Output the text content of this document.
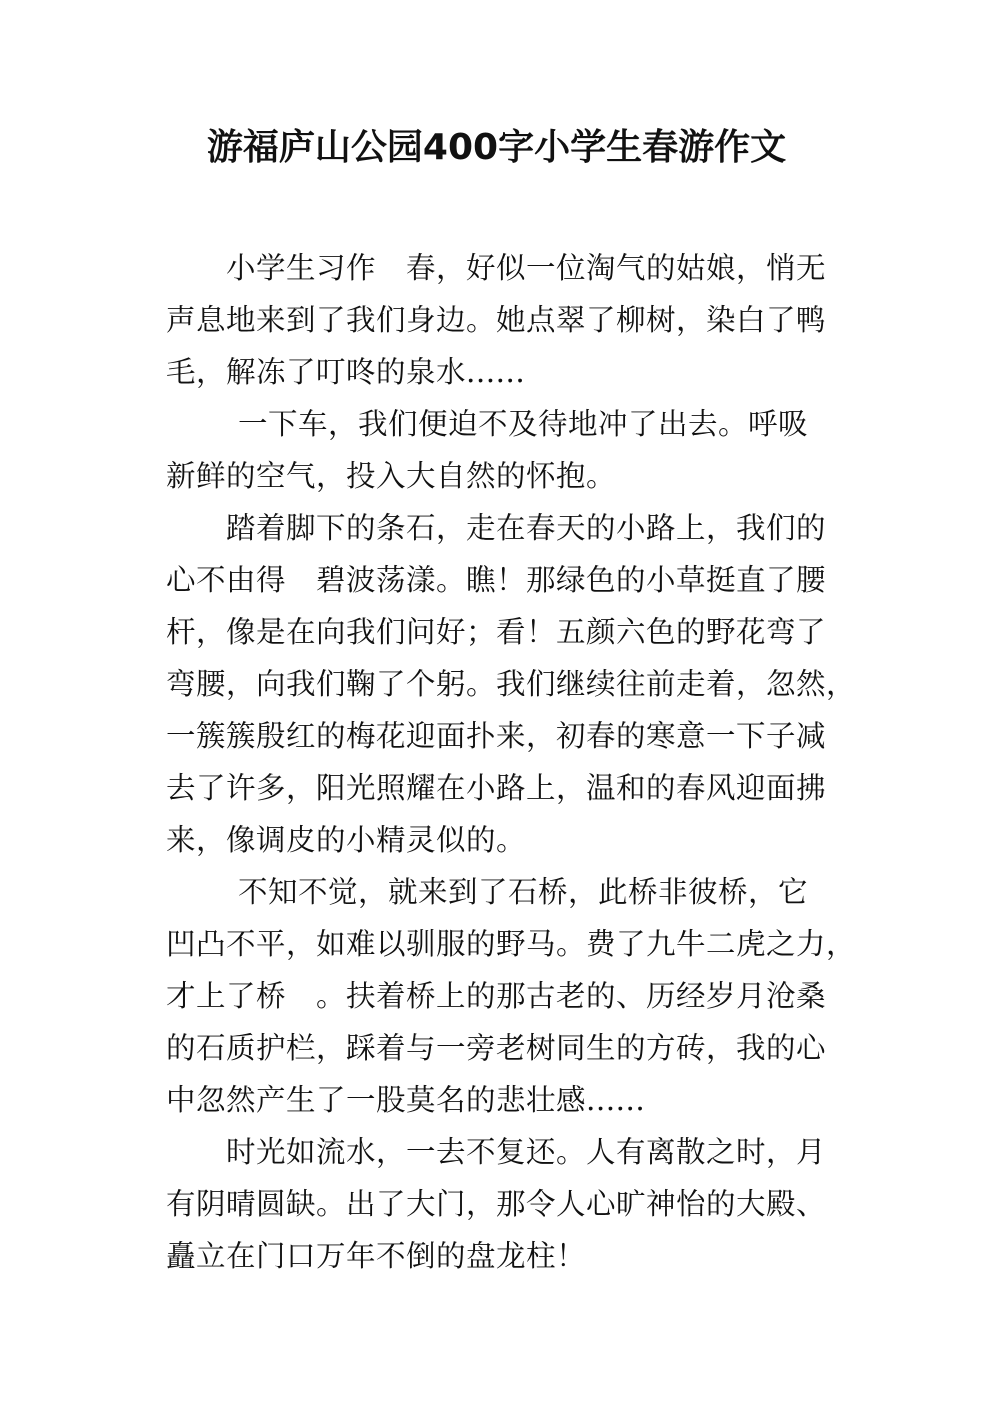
游福庐山公园400字小学生春游作文
小学生习作　春，好似一位淘气的姑娘，悄无
声息地来到了我们身边。她点翠了柳树，染白了鸭
毛，解冻了叮咚的泉水......
一下车，我们便迫不及待地冲了出去。呼吸
新鲜的空气，投入大自然的怀抱。
踏着脚下的条石，走在春天的小路上，我们的
心不由得　碧波荡漾。瞧！那绿色的小草挺直了腰
杆，像是在向我们问好；看！五颜六色的野花弯了
弯腰，向我们鞠了个躬。我们继续往前走着，忽然，
一簇簇殷红的梅花迎面扑来，初春的寒意一下子减
去了许多，阳光照耀在小路上，温和的春风迎面拂
来，像调皮的小精灵似的。
不知不觉，就来到了石桥，此桥非彼桥，它
凹凸不平，如难以驯服的野马。费了九牛二虎之力，
才上了桥　。扶着桥上的那古老的、历经岁月沧桑
的石质护栏，踩着与一旁老树同生的方砖，我的心
中忽然产生了一股莫名的悲壮感......
时光如流水，一去不复还。人有离散之时，月
有阴晴圆缺。出了大门，那令人心旷神怡的大殿、
矗立在门口万年不倒的盘龙柱！
